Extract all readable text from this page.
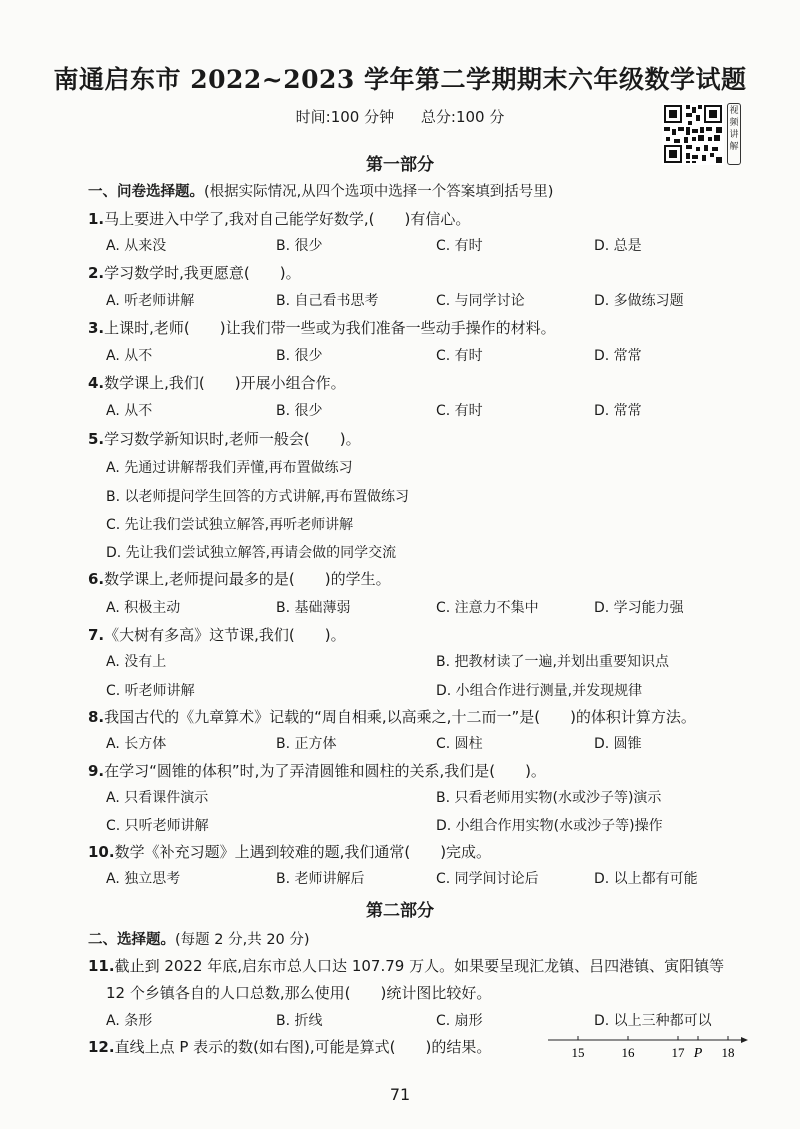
南通启东市 2022~2023 学年第二学期期末六年级数学试题
时间:100 分钟 总分:100 分	视频讲解
第一部分
一、问卷选择题。(根据实际情况,从四个选项中选择一个答案填到括号里)
1.马上要进入中学了,我对自己能学好数学,(　　)有信心。
A. 从来没	B. 很少	C. 有时	D. 总是
2.学习数学时,我更愿意(　　)。
A. 听老师讲解	B. 自己看书思考	C. 与同学讨论	D. 多做练习题
3.上课时,老师(　　)让我们带一些或为我们准备一些动手操作的材料。
A. 从不	B. 很少	C. 有时	D. 常常
4.数学课上,我们(　　)开展小组合作。
A. 从不	B. 很少	C. 有时	D. 常常
5.学习数学新知识时,老师一般会(　　)。
A. 先通过讲解帮我们弄懂,再布置做练习
B. 以老师提问学生回答的方式讲解,再布置做练习
C. 先让我们尝试独立解答,再听老师讲解
D. 先让我们尝试独立解答,再请会做的同学交流
6.数学课上,老师提问最多的是(　　)的学生。
A. 积极主动	B. 基础薄弱	C. 注意力不集中	D. 学习能力强
7.《大树有多高》这节课,我们(　　)。
A. 没有上	B. 把教材读了一遍,并划出重要知识点
C. 听老师讲解	D. 小组合作进行测量,并发现规律
8.我国古代的《九章算术》记载的“周自相乘,以高乘之,十二而一”是(　　)的体积计算方法。
A. 长方体	B. 正方体	C. 圆柱	D. 圆锥
9.在学习“圆锥的体积”时,为了弄清圆锥和圆柱的关系,我们是(　　)。
A. 只看课件演示	B. 只看老师用实物(水或沙子等)演示
C. 只听老师讲解	D. 小组合作用实物(水或沙子等)操作
10.数学《补充习题》上遇到较难的题,我们通常(　　)完成。
A. 独立思考	B. 老师讲解后	C. 同学间讨论后	D. 以上都有可能
第二部分
二、选择题。(每题 2 分,共 20 分)
11.截止到 2022 年底,启东市总人口达 107.79 万人。如果要呈现汇龙镇、吕四港镇、寅阳镇等
12 个乡镇各自的人口总数,那么使用(　　)统计图比较好。
A. 条形	B. 折线	C. 扇形	D. 以上三种都可以
12.直线上点 P 表示的数(如右图),可能是算式(　　)的结果。	15	16	17	18
P
71
